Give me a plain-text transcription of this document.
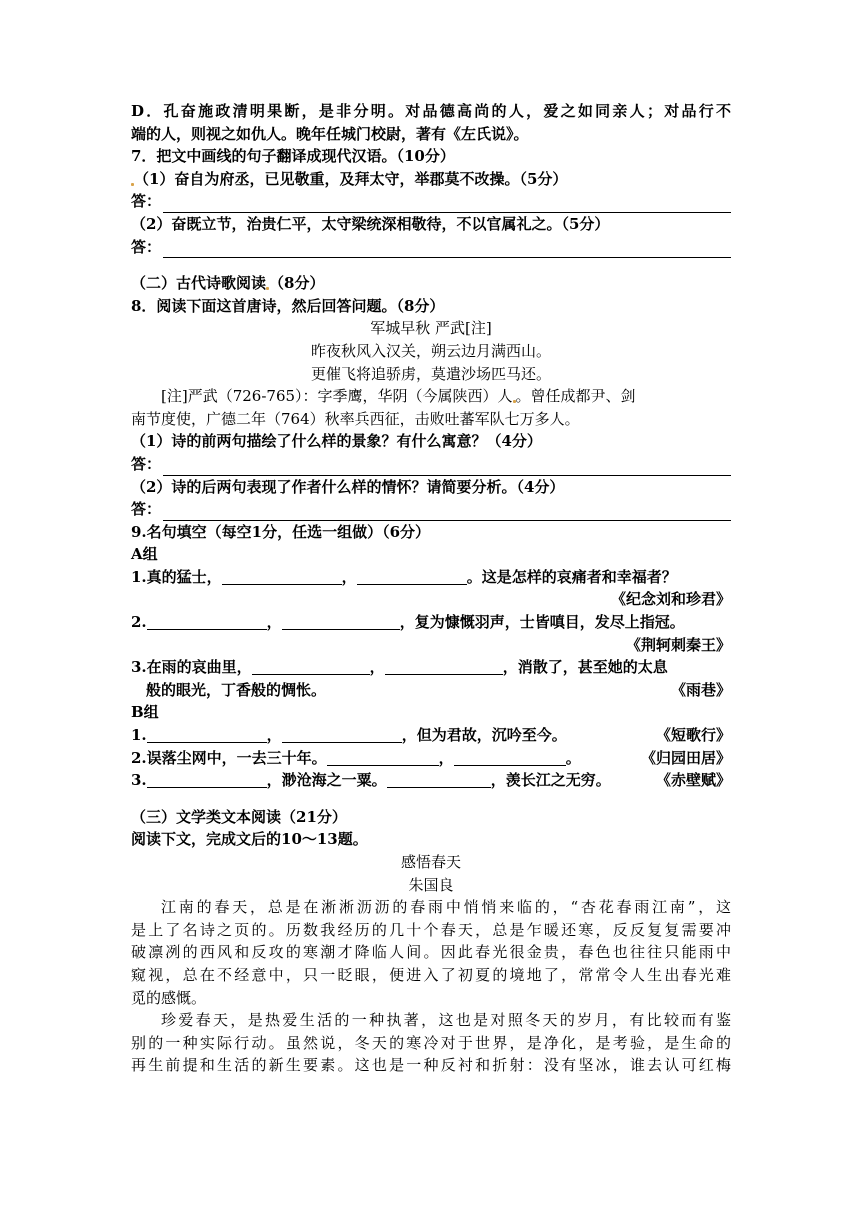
D．孔奋施政清明果断，是非分明。对品德高尚的人，爱之如同亲人；对品行不
端的人，则视之如仇人。晚年任城门校尉，著有《左氏说》。
7．把文中画线的句子翻译成现代汉语。（10分）
（1）奋自为府丞，已见敬重，及拜太守，举郡莫不改操。（5分）
答：
（2）奋既立节，治贵仁平，太守梁统深相敬待，不以官属礼之。（5分）
答：
（二）古代诗歌阅读 （8分）
8．阅读下面这首唐诗，然后回答问题。（8分）
军城早秋 严武[注]
昨夜秋风入汉关，朔云边月满西山。
更催飞将追骄虏，莫遣沙场匹马还。
[注]严武（726-765）：字季鹰，华阴（今属陕西）人 。曾任成都尹、剑
南节度使，广德二年（764）秋率兵西征，击败吐蕃军队七万多人。
（1）诗的前两句描绘了什么样的景象？有什么寓意？（4分）
答：
（2）诗的后两句表现了作者什么样的情怀？请简要分析。（4分）
答：
9.名句填空（每空1分，任选一组做）（6分）
A组
1.真的猛士，	，	。这是怎样的哀痛者和幸福者？
《纪念刘和珍君》
2.	，	，复为慷慨羽声，士皆嗔目，发尽上指冠。
《荆轲刺秦王》
3.在雨的哀曲里，	，	，消散了，甚至她的太息
般的眼光，丁香般的惆怅。	《雨巷》
B组
1.	，	，但为君故，沉吟至今。	《短歌行》
2.误落尘网中，一去三十年。	，	。	《归园田居》
3.	，渺沧海之一粟。	，羡长江之无穷。	《赤壁赋》
（三）文学类文本阅读（21分）
阅读下文，完成文后的10～13题。
感悟春天
朱国良
江南的春天，总是在淅淅沥沥的春雨中悄悄来临的，“杏花春雨江南”，这
是上了名诗之页的。历数我经历的几十个春天，总是乍暖还寒，反反复复需要冲
破凛冽的西风和反攻的寒潮才降临人间。因此春光很金贵，春色也往往只能雨中
窥视，总在不经意中，只一眨眼，便进入了初夏的境地了，常常令人生出春光难
觅的感慨。
珍爱春天，是热爱生活的一种执著，这也是对照冬天的岁月，有比较而有鉴
别的一种实际行动。虽然说，冬天的寒冷对于世界，是净化，是考验，是生命的
再生前提和生活的新生要素。这也是一种反衬和折射：没有坚冰，谁去认可红梅
